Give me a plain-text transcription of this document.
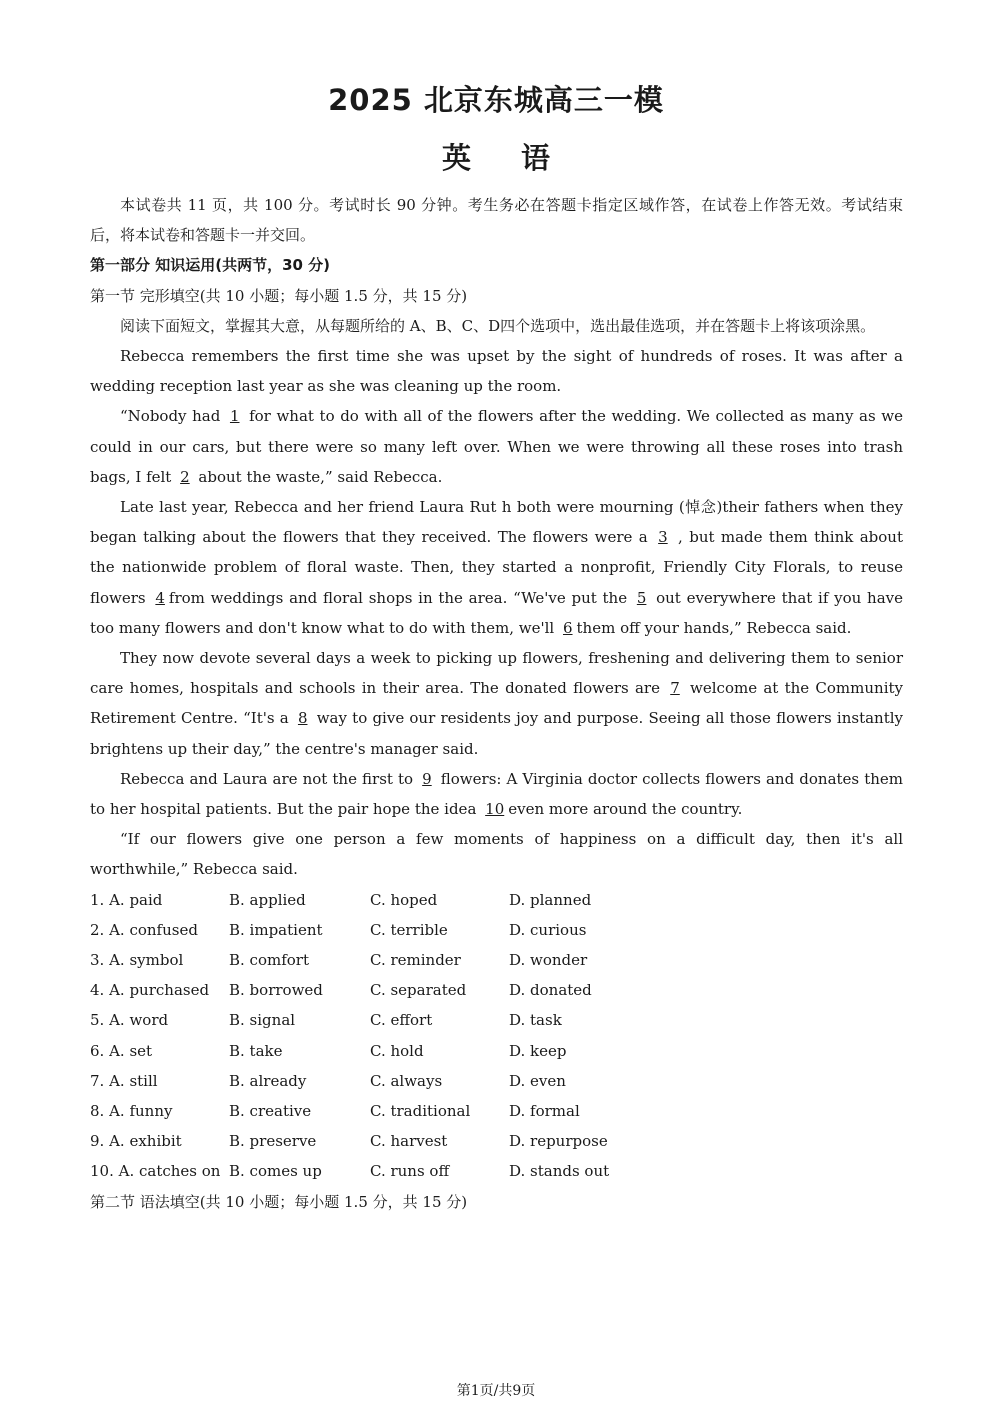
2025 北京东城高三一模
英 语

本试卷共 11 页，共 100 分。考试时长 90 分钟。考生务必在答题卡指定区域作答，在试卷上作答无效。考试结束后，将本试卷和答题卡一并交回。

第一部分 知识运用(共两节，30 分)

第一节 完形填空(共 10 小题；每小题 1.5 分，共 15 分)

阅读下面短文，掌握其大意，从每题所给的 A、B、C、D四个选项中，选出最佳选项，并在答题卡上将该项涂黑。

Rebecca remembers the first time she was upset by the sight of hundreds of roses. It was after a wedding reception last year as she was cleaning up the room.

“Nobody had 1 for what to do with all of the flowers after the wedding. We collected as many as we could in our cars, but there were so many left over. When we were throwing all these roses into trash bags, I felt 2 about the waste,” said Rebecca.

Late last year, Rebecca and her friend Laura Rut h both were mourning (悼念)their fathers when they began talking about the flowers that they received. The flowers were a 3 , but made them think about the nationwide problem of floral waste. Then, they started a nonprofit, Friendly City Florals, to reuse flowers 4 from weddings and floral shops in the area. “We've put the 5 out everywhere that if you have too many flowers and don't know what to do with them, we'll 6 them off your hands,” Rebecca said.

They now devote several days a week to picking up flowers, freshening and delivering them to senior care homes, hospitals and schools in their area. The donated flowers are 7 welcome at the Community Retirement Centre. “It's a 8 way to give our residents joy and purpose. Seeing all those flowers instantly brightens up their day,” the centre's manager said.

Rebecca and Laura are not the first to 9 flowers: A Virginia doctor collects flowers and donates them to her hospital patients. But the pair hope the idea 10 even more around the country.

“If our flowers give one person a few moments of happiness on a difficult day, then it's all worthwhile,” Rebecca said.

1. A. paid	B. applied	C. hoped	D. planned
2. A. confused	B. impatient	C. terrible	D. curious
3. A. symbol	B. comfort	C. reminder	D. wonder
4. A. purchased	B. borrowed	C. separated	D. donated
5. A. word	B. signal	C. effort	D. task
6. A. set	B. take	C. hold	D. keep
7. A. still	B. already	C. always	D. even
8. A. funny	B. creative	C. traditional	D. formal
9. A. exhibit	B. preserve	C. harvest	D. repurpose
10. A. catches on B. comes up	C. runs off	D. stands out

第二节 语法填空(共 10 小题；每小题 1.5 分，共 15 分)

第1页/共9页
